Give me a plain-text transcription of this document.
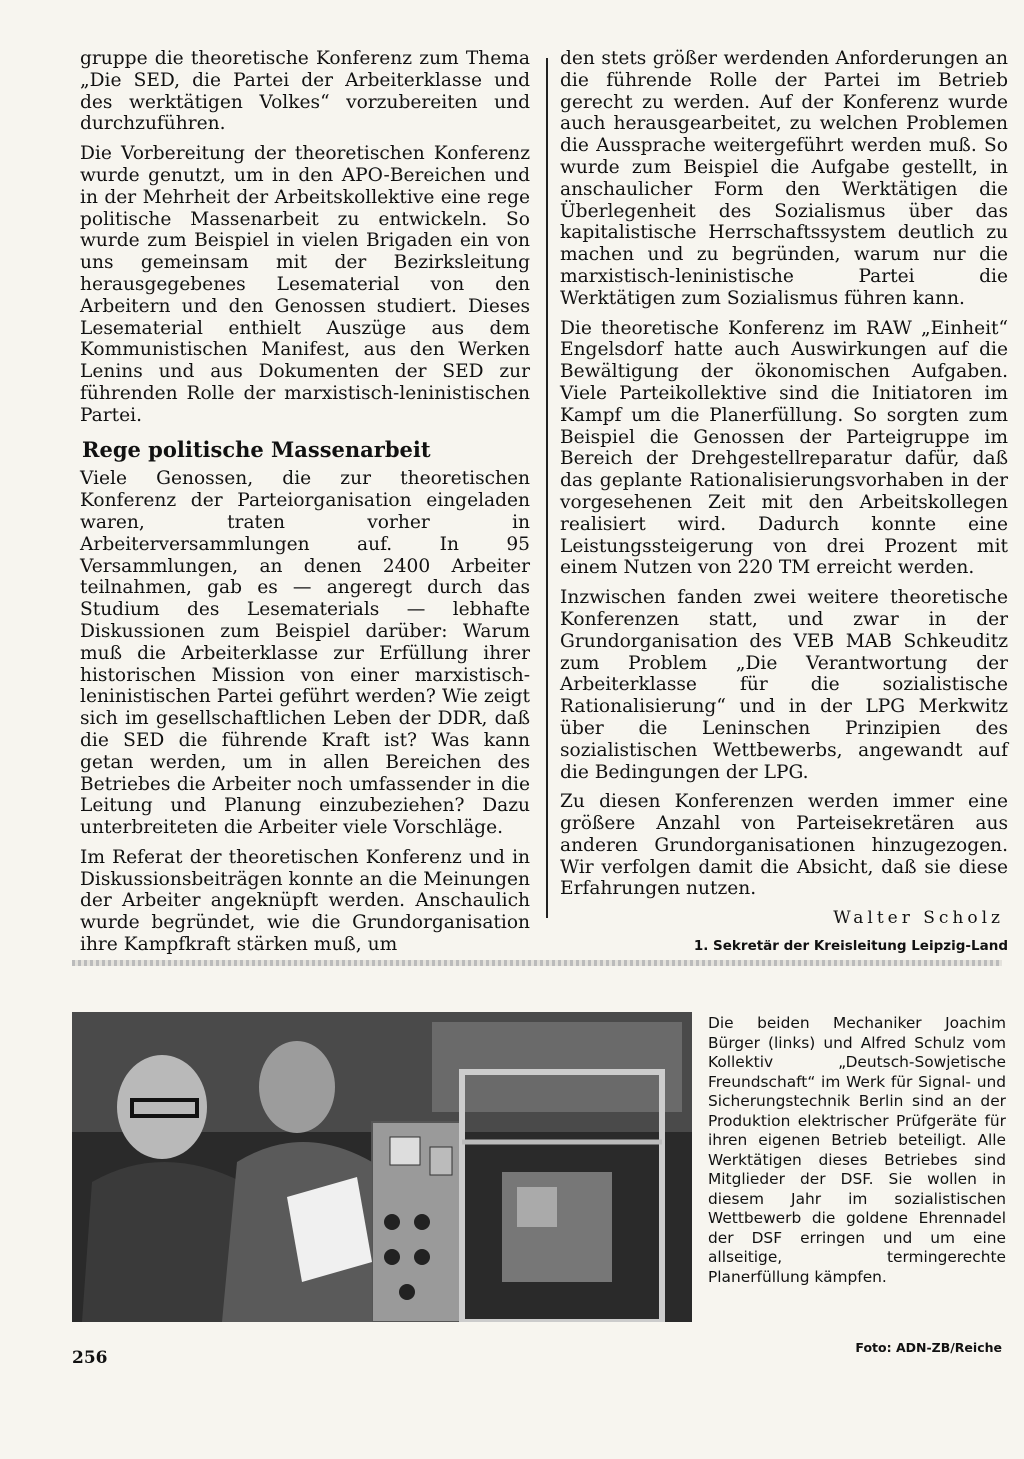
gruppe die theoretische Konferenz zum Thema „Die SED, die Partei der Arbeiterklasse und des werktätigen Volkes“ vorzubereiten und durchzuführen.

Die Vorbereitung der theoretischen Konferenz wurde genutzt, um in den APO-Bereichen und in der Mehrheit der Arbeitskollektive eine rege politische Massenarbeit zu entwickeln. So wurde zum Beispiel in vielen Brigaden ein von uns gemeinsam mit der Bezirksleitung herausgegebenes Lesematerial von den Arbeitern und den Genossen studiert. Dieses Lesematerial enthielt Auszüge aus dem Kommunistischen Manifest, aus den Werken Lenins und aus Dokumenten der SED zur führenden Rolle der marxistisch-leninistischen Partei.

Rege politische Massenarbeit

Viele Genossen, die zur theoretischen Konferenz der Parteiorganisation eingeladen waren, traten vorher in Arbeiterversammlungen auf. In 95 Versammlungen, an denen 2400 Arbeiter teilnahmen, gab es — angeregt durch das Studium des Lesematerials — lebhafte Diskussionen zum Beispiel darüber: Warum muß die Arbeiterklasse zur Erfüllung ihrer historischen Mission von einer marxistisch-leninistischen Partei geführt werden? Wie zeigt sich im gesellschaftlichen Leben der DDR, daß die SED die führende Kraft ist? Was kann getan werden, um in allen Bereichen des Betriebes die Arbeiter noch umfassender in die Leitung und Planung einzubeziehen? Dazu unterbreiteten die Arbeiter viele Vorschläge.

Im Referat der theoretischen Konferenz und in Diskussionsbeiträgen konnte an die Meinungen der Arbeiter angeknüpft werden. Anschaulich wurde begründet, wie die Grundorganisation ihre Kampfkraft stärken muß, um

den stets größer werdenden Anforderungen an die führende Rolle der Partei im Betrieb gerecht zu werden. Auf der Konferenz wurde auch herausgearbeitet, zu welchen Problemen die Aussprache weitergeführt werden muß. So wurde zum Beispiel die Aufgabe gestellt, in anschaulicher Form den Werktätigen die Überlegenheit des Sozialismus über das kapitalistische Herrschaftssystem deutlich zu machen und zu begründen, warum nur die marxistisch-leninistische Partei die Werktätigen zum Sozialismus führen kann.

Die theoretische Konferenz im RAW „Einheit“ Engelsdorf hatte auch Auswirkungen auf die Bewältigung der ökonomischen Aufgaben. Viele Parteikollektive sind die Initiatoren im Kampf um die Planerfüllung. So sorgten zum Beispiel die Genossen der Parteigruppe im Bereich der Drehgestellreparatur dafür, daß das geplante Rationalisierungsvorhaben in der vorgesehenen Zeit mit den Arbeitskollegen realisiert wird. Dadurch konnte eine Leistungssteigerung von drei Prozent mit einem Nutzen von 220 TM erreicht werden.

Inzwischen fanden zwei weitere theoretische Konferenzen statt, und zwar in der Grundorganisation des VEB MAB Schkeuditz zum Problem „Die Verantwortung der Arbeiterklasse für die sozialistische Rationalisierung“ und in der LPG Merkwitz über die Leninschen Prinzipien des sozialistischen Wettbewerbs, angewandt auf die Bedingungen der LPG.

Zu diesen Konferenzen werden immer eine größere Anzahl von Parteisekretären aus anderen Grundorganisationen hinzugezogen. Wir verfolgen damit die Absicht, daß sie diese Erfahrungen nutzen.

Walter Scholz
1. Sekretär der Kreisleitung Leipzig-Land
Die beiden Mechaniker Joachim Bürger (links) und Alfred Schulz vom Kollektiv „Deutsch-Sowjetische Freundschaft“ im Werk für Signal- und Sicherungstechnik Berlin sind an der Produktion elektrischer Prüfgeräte für ihren eigenen Betrieb beteiligt. Alle Werktätigen dieses Betriebes sind Mitglieder der DSF. Sie wollen in diesem Jahr im sozialistischen Wettbewerb die goldene Ehrennadel der DSF erringen und um eine allseitige, termingerechte Planerfüllung kämpfen.
Foto: ADN-ZB/Reiche
256
